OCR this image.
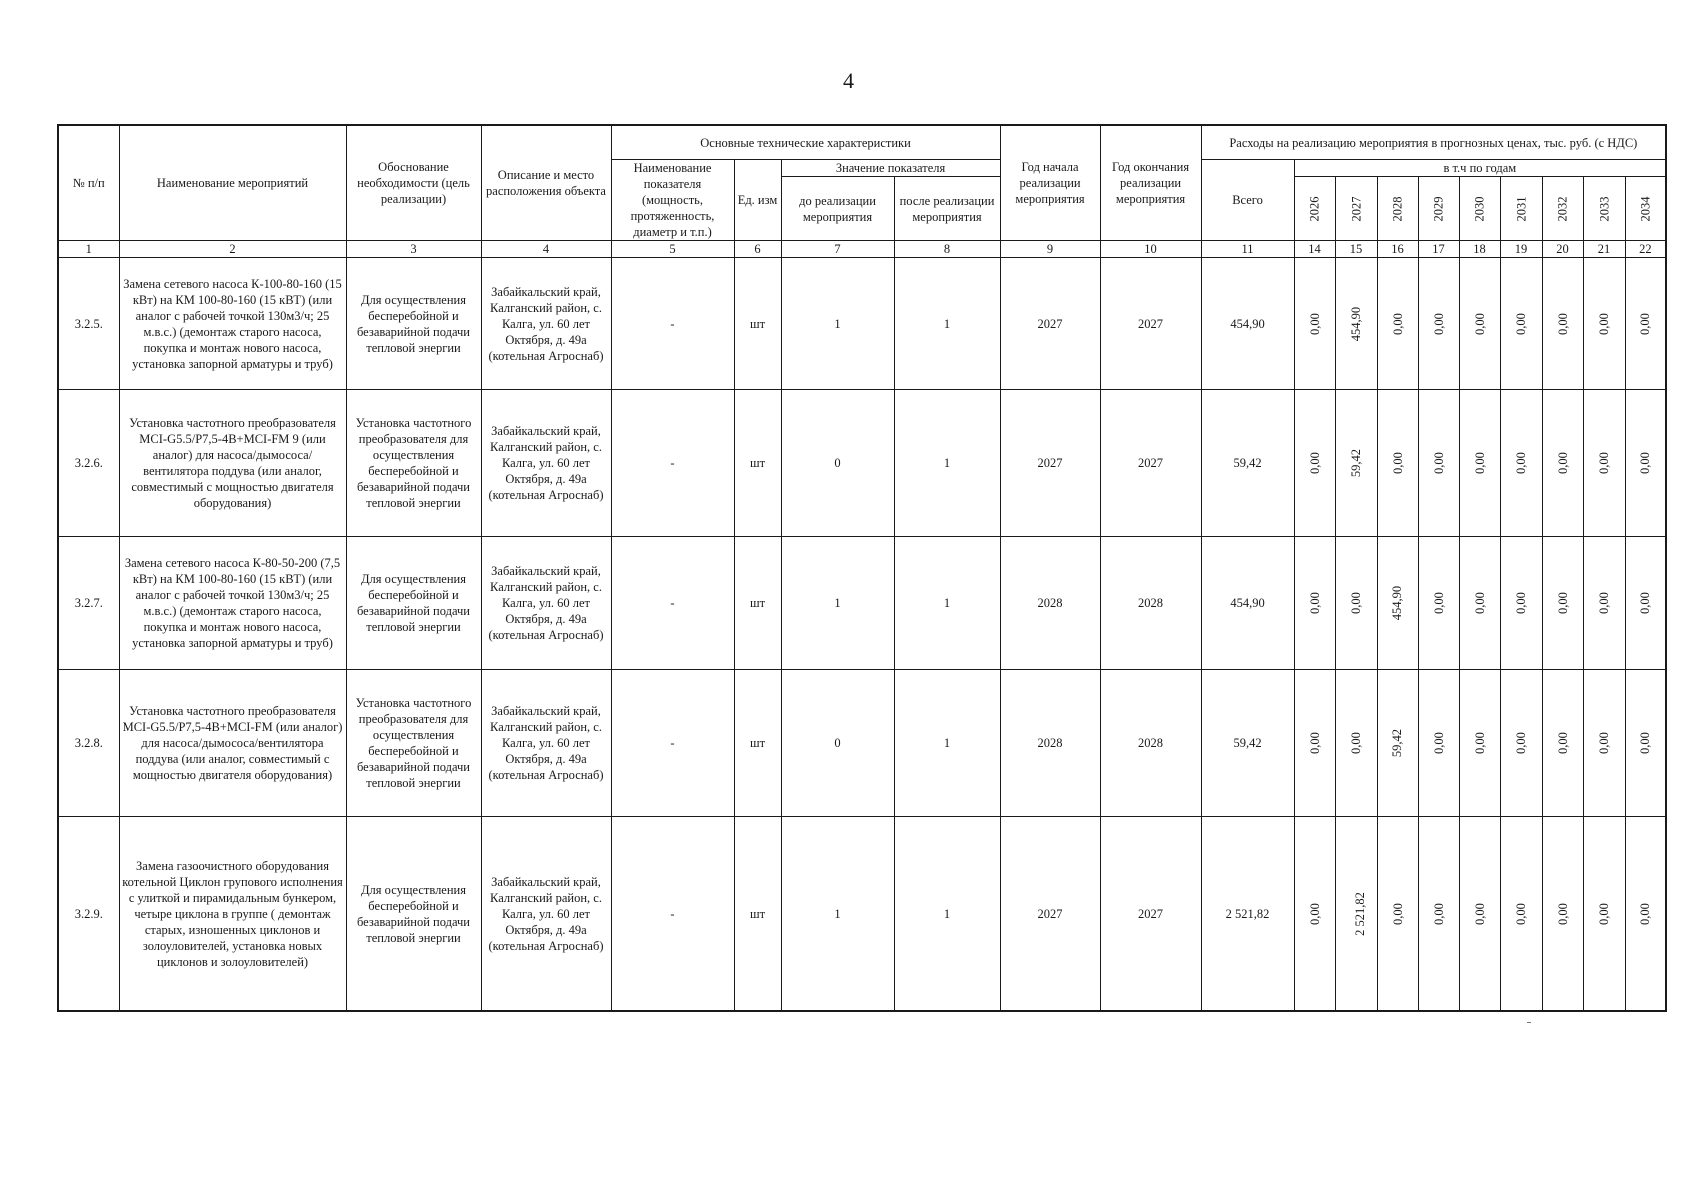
4
№ п/п	Наименование мероприятий	Обоснование необходимости (цель реализации)	Описание и место расположения объекта	Основные технические характеристики				Год начала реализации мероприятия	Год окончания реализации мероприятия	Расходы на реализацию мероприятия в прогнозных ценах, тыс. руб. (с НДС)									
				Наименование показателя (мощность, протяженность, диаметр и т.п.)	Ед. изм	Значение показателя				Всего	в т.ч по годам								
						до реализации мероприятия	после реализации мероприятия				2026	2027	2028	2029	2030	2031	2032	2033	2034
1	2	3	4	5	6	7	8	9	10	11	14	15	16	17	18	19	20	21	22
3.2.5.	Замена сетевого насоса К-100-80-160 (15 кВт) на КМ 100-80-160 (15 кВТ) (или аналог с рабочей точкой 130м3/ч; 25 м.в.с.) (демонтаж старого насоса, покупка и монтаж нового насоса, установка запорной арматуры и труб)	Для осуществления бесперебойной и безаварийной подачи тепловой энергии	Забайкальский край, Калганский район, с. Калга, ул. 60 лет Октября, д. 49а (котельная Агроснаб)	-	шт	1	1	2027	2027	454,90	0,00	454,90	0,00	0,00	0,00	0,00	0,00	0,00	0,00
3.2.6.	Установка частотного преобразователя MCI-G5.5/P7,5-4B+MCI-FM 9 (или аналог) для насоса/дымососа/вентилятора поддува (или аналог, совместимый с мощностью двигателя оборудования)	Установка частотного преобразователя для осуществления бесперебойной и безаварийной подачи тепловой энергии	Забайкальский край, Калганский район, с. Калга, ул. 60 лет Октября, д. 49а (котельная Агроснаб)	-	шт	0	1	2027	2027	59,42	0,00	59,42	0,00	0,00	0,00	0,00	0,00	0,00	0,00
3.2.7.	Замена сетевого насоса К-80-50-200 (7,5 кВт) на КМ 100-80-160 (15 кВТ) (или аналог с рабочей точкой 130м3/ч; 25 м.в.с.) (демонтаж старого насоса, покупка и монтаж нового насоса, установка запорной арматуры и труб)	Для осуществления бесперебойной и безаварийной подачи тепловой энергии	Забайкальский край, Калганский район, с. Калга, ул. 60 лет Октября, д. 49а (котельная Агроснаб)	-	шт	1	1	2028	2028	454,90	0,00	0,00	454,90	0,00	0,00	0,00	0,00	0,00	0,00
3.2.8.	Установка частотного преобразователя MCI-G5.5/P7,5-4B+MCI-FM (или аналог) для насоса/дымососа/вентилятора поддува (или аналог, совместимый с мощностью двигателя оборудования)	Установка частотного преобразователя для осуществления бесперебойной и безаварийной подачи тепловой энергии	Забайкальский край, Калганский район, с. Калга, ул. 60 лет Октября, д. 49а (котельная Агроснаб)	-	шт	0	1	2028	2028	59,42	0,00	0,00	59,42	0,00	0,00	0,00	0,00	0,00	0,00
3.2.9.	Замена газоочистного оборудования котельной Циклон групового исполнения с улиткой и пирамидальным бункером, четыре циклона в группе ( демонтаж старых, изношенных циклонов и золоуловителей, установка новых циклонов и золоуловителей)	Для осуществления бесперебойной и безаварийной подачи тепловой энергии	Забайкальский край, Калганский район, с. Калга, ул. 60 лет Октября, д. 49а (котельная Агроснаб)	-	шт	1	1	2027	2027	2 521,82	0,00	2 521,82	0,00	0,00	0,00	0,00	0,00	0,00	0,00
